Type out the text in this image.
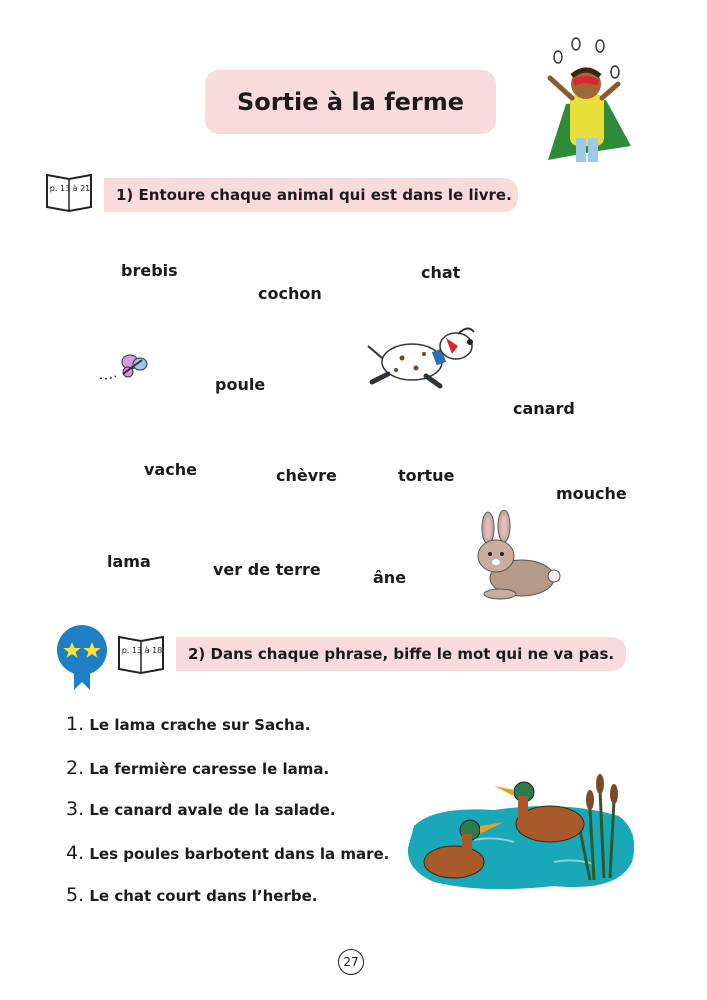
Sortie à la ferme
p. 13 à 21 1) Entoure chaque animal qui est dans le livre.
brebis
cochon
chat
poule
canard
vache	chèvre	tortue
mouche
lama	ver de terre	âne
p. 13 à 18 2) Dans chaque phrase, biffe le mot qui ne va pas.
1. Le lama crache sur Sacha.
2. La fermière caresse le lama.
3. Le canard avale de la salade.
4. Les poules barbotent dans la mare.
5. Le chat court dans l’herbe.
27
